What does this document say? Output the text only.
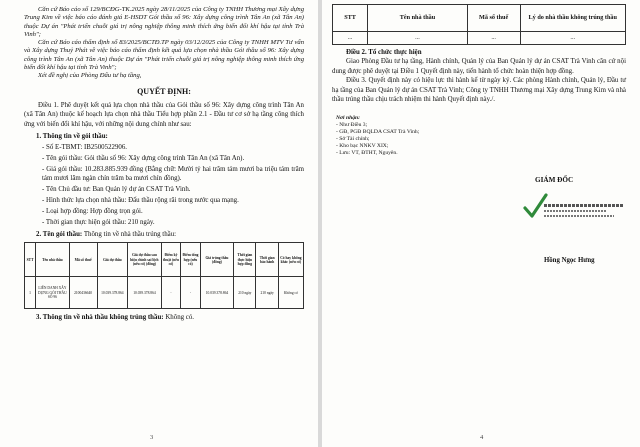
Căn cứ Báo cáo số 129/BCĐG-TK.2025 ngày 28/11/2025 của Công ty TNHH Thương mại Xây dựng Trung Kim về việc báo cáo đánh giá E-HSDT Gói thầu số 96: Xây dựng công trình Tân An (xã Tân An) thuộc Dự án "Phát triển chuỗi giá trị nông nghiệp thông minh thích ứng biến đổi khí hậu tại tỉnh Trà Vinh";

Căn cứ Báo cáo thẩm định số 83/2025/BCTĐ.TP ngày 03/12/2025 của Công ty TNHH MTV Tư vấn và Xây dựng Thuỷ Phát về việc báo cáo thẩm định kết quả lựa chọn nhà thầu Gói thầu số 96: Xây dựng công trình Tân An (xã Tân An) thuộc Dự án "Phát triển chuỗi giá trị nông nghiệp thông minh thích ứng biến đổi khí hậu tại tỉnh Trà Vinh";

Xét đề nghị của Phòng Đấu tư hạ tầng,

QUYẾT ĐỊNH:

Điều 1. Phê duyệt kết quả lựa chọn nhà thầu của Gói thầu số 96: Xây dựng công trình Tân An (xã Tân An) thuộc kế hoạch lựa chọn nhà thầu Tiểu hợp phần 2.1 - Đầu tư cơ sở hạ tầng công thích ứng với biến đổi khí hậu, với những nội dung chính như sau:

1. Thông tin về gói thầu:

- Số E-TBMT: IB2500522906.

- Tên gói thầu: Gói thầu số 96: Xây dựng công trình Tân An (xã Tân An).

- Giá gói thầu: 10.283.885.939 đồng (Bằng chữ: Mười tỷ hai trăm tám mươi ba triệu tám trăm tám mươi lăm ngàn chín trăm ba mươi chín đồng).

- Tên Chủ đầu tư: Ban Quản lý dự án CSAT Trà Vinh.

- Hình thức lựa chọn nhà thầu: Đấu thầu rộng rãi trong nước qua mạng.

- Loại hợp đồng: Hợp đồng trọn gói.

- Thời gian thực hiện gói thầu: 210 ngày.

2. Tên gói thầu: Thông tin về nhà thầu trúng thầu:

STT	Tên nhà thầu	Mã số thuế	Giá dự thầu	Giá dự thầu sau hiệu chỉnh sai lệch (nếu có) (đồng)	Điểm kỹ thuật (nếu có)	Điểm tổng hợp (nếu có)	Giá trúng thầu (đồng)	Thời gian thực hiện hợp đồng	Thời gian bảo hành	Có hay không khác (nếu có)
1	LIÊN DANH XÂY DỰNG GÓI THẦU SỐ 96	2100436640	10.039.378.864	10.039.378.864	-	-	10.039.378.864	210 ngày	210 ngày	Không có

3. Thông tin về nhà thầu không trúng thầu: Không có.

3
STT	Tên nhà thầu	Mã số thuế	Lý do nhà thầu không trúng thầu
...	...	...	...

Điều 2. Tổ chức thực hiện

Giao Phòng Đầu tư hạ tầng, Hành chính, Quản lý của Ban Quản lý dự án CSAT Trà Vinh căn cứ nội dung được phê duyệt tại Điều 1 Quyết định này, tiến hành tổ chức hoàn thiện hợp đồng.

Điều 3. Quyết định này có hiệu lực thi hành kể từ ngày ký. Các phòng Hành chính, Quản lý, Đầu tư hạ tầng của Ban Quản lý dự án CSAT Trà Vinh; Công ty TNHH Thương mại Xây dựng Trung Kim và nhà thầu trúng thầu chịu trách nhiệm thi hành Quyết định này./.

Nơi nhận:

- Như Điều 3;

- GĐ, PGĐ BQLDA CSAT Trà Vinh;

- Sở Tài chính;

- Kho bạc NNKV XIX;

- Lưu: VT, ĐTHT, Nguyên.

GIÁM ĐỐC
Hồng Ngọc Hưng
4
